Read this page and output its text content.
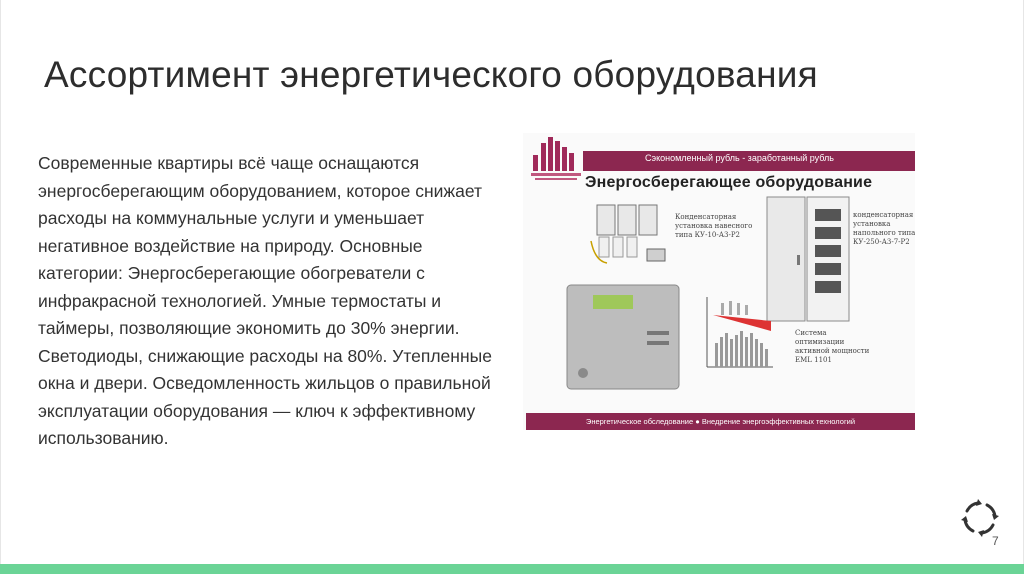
Ассортимент энергетического оборудования
Современные квартиры всё чаще оснащаются энергосберегающим оборудованием, которое снижает расходы на коммунальные услуги и уменьшает негативное воздействие на природу. Основные категории: Энергосберегающие обогреватели с инфракрасной технологией. Умные термостаты и таймеры, позволяющие экономить до 30% энергии. Светодиоды, снижающие расходы на 80%. Утепленные окна и двери. Осведомленность жильцов о правильной эксплуатации оборудования — ключ к эффективному использованию.
Сэкономленный рубль - заработанный рубль
Энергосберегающее оборудование
Конденсаторная установка навесного типа КУ-10-А3-Р2
конденсаторная установка напольного типа КУ-250-А3-7-Р2
Система оптимизации активной мощности EML 1101
Энергетическое обследование ● Внедрение энергоэффективных технологий
7
